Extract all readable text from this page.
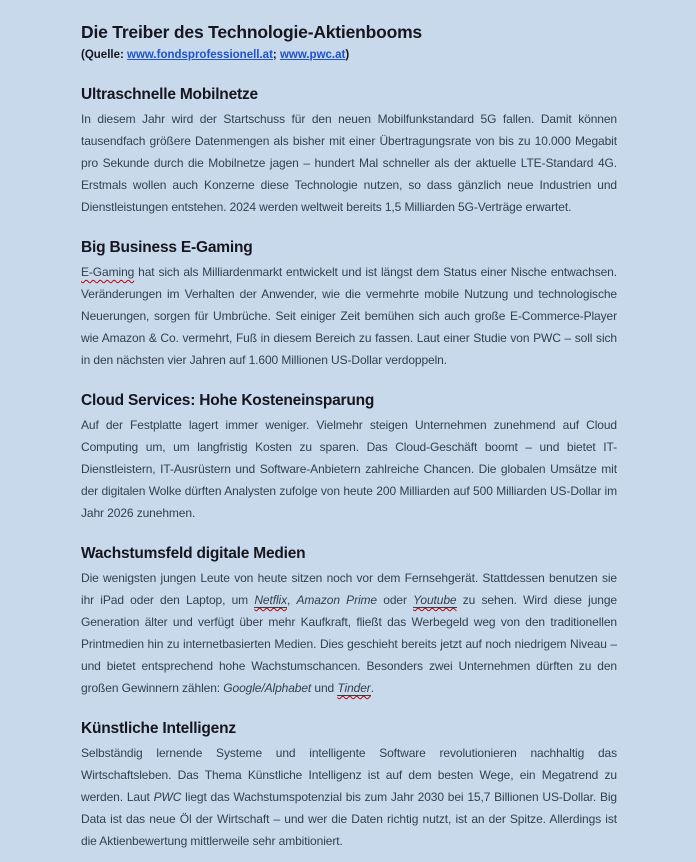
Die Treiber des Technologie-Aktienbooms

(Quelle: www.fondsprofessionell.at; www.pwc.at)

Ultraschnelle Mobilnetze

In diesem Jahr wird der Startschuss für den neuen Mobilfunkstandard 5G fallen. Damit können tausendfach größere Datenmengen als bisher mit einer Übertragungsrate von bis zu 10.000 Megabit pro Sekunde durch die Mobilnetze jagen – hundert Mal schneller als der aktuelle LTE-Standard 4G. Erstmals wollen auch Konzerne diese Technologie nutzen, so dass gänzlich neue Industrien und Dienstleistungen entstehen. 2024 werden weltweit bereits 1,5 Milliarden 5G-Verträge erwartet.

Big Business E-Gaming

E-Gaming hat sich als Milliardenmarkt entwickelt und ist längst dem Status einer Nische entwachsen. Veränderungen im Verhalten der Anwender, wie die vermehrte mobile Nutzung und technologische Neuerungen, sorgen für Umbrüche. Seit einiger Zeit bemühen sich auch große E-Commerce-Player wie Amazon & Co. vermehrt, Fuß in diesem Bereich zu fassen. Laut einer Studie von PWC – soll sich in den nächsten vier Jahren auf 1.600 Millionen US-Dollar verdoppeln.

Cloud Services: Hohe Kosteneinsparung

Auf der Festplatte lagert immer weniger. Vielmehr steigen Unternehmen zunehmend auf Cloud Computing um, um langfristig Kosten zu sparen. Das Cloud-Geschäft boomt – und bietet IT-Dienstleistern, IT-Ausrüstern und Software-Anbietern zahlreiche Chancen. Die globalen Umsätze mit der digitalen Wolke dürften Analysten zufolge von heute 200 Milliarden auf 500 Milliarden US-Dollar im Jahr 2026 zunehmen.

Wachstumsfeld digitale Medien

Die wenigsten jungen Leute von heute sitzen noch vor dem Fernsehgerät. Stattdessen benutzen sie ihr iPad oder den Laptop, um Netflix, Amazon Prime oder Youtube zu sehen. Wird diese junge Generation älter und verfügt über mehr Kaufkraft, fließt das Werbegeld weg von den traditionellen Printmedien hin zu internetbasierten Medien. Dies geschieht bereits jetzt auf noch niedrigem Niveau – und bietet entsprechend hohe Wachstumschancen. Besonders zwei Unternehmen dürften zu den großen Gewinnern zählen: Google/Alphabet und Tinder.

Künstliche Intelligenz

Selbständig lernende Systeme und intelligente Software revolutionieren nachhaltig das Wirtschaftsleben. Das Thema Künstliche Intelligenz ist auf dem besten Wege, ein Megatrend zu werden. Laut PWC liegt das Wachstumspotenzial bis zum Jahr 2030 bei 15,7 Billionen US-Dollar. Big Data ist das neue Öl der Wirtschaft – und wer die Daten richtig nutzt, ist an der Spitze. Allerdings ist die Aktienbewertung mittlerweile sehr ambitioniert.
